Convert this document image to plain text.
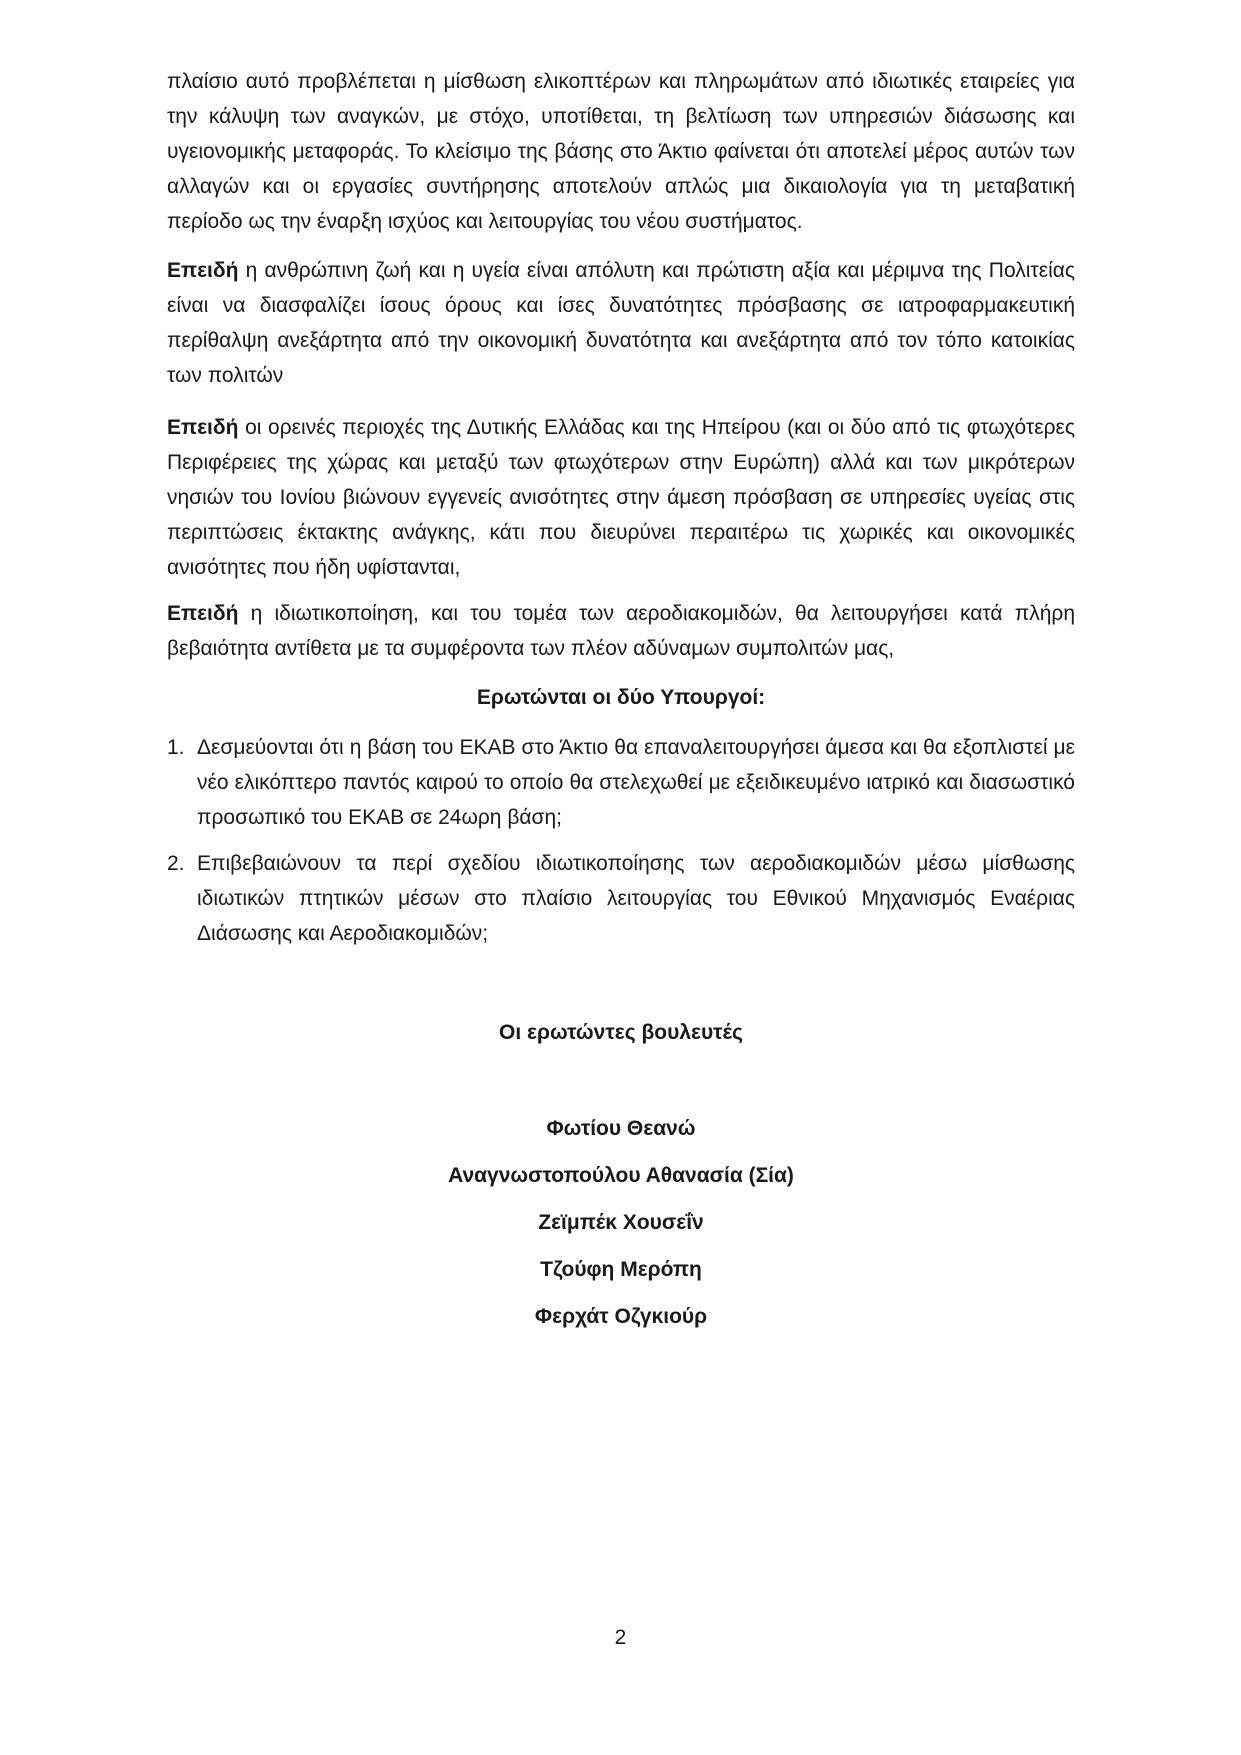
πλαίσιο αυτό προβλέπεται η μίσθωση ελικοπτέρων και πληρωμάτων από ιδιωτικές εταιρείες για την κάλυψη των αναγκών, με στόχο, υποτίθεται, τη βελτίωση των υπηρεσιών διάσωσης και υγειονομικής μεταφοράς. Το κλείσιμο της βάσης στο Άκτιο φαίνεται ότι αποτελεί μέρος αυτών των αλλαγών και οι εργασίες συντήρησης αποτελούν απλώς μια δικαιολογία για τη μεταβατική περίοδο ως την έναρξη ισχύος και λειτουργίας του νέου συστήματος.

Επειδή η ανθρώπινη ζωή και η υγεία είναι απόλυτη και πρώτιστη αξία και μέριμνα της Πολιτείας είναι να διασφαλίζει ίσους όρους και ίσες δυνατότητες πρόσβασης σε ιατροφαρμακευτική περίθαλψη ανεξάρτητα από την οικονομική δυνατότητα και ανεξάρτητα από τον τόπο κατοικίας των πολιτών

Επειδή οι ορεινές περιοχές της Δυτικής Ελλάδας και της Ηπείρου (και οι δύο από τις φτωχότερες Περιφέρειες της χώρας και μεταξύ των φτωχότερων στην Ευρώπη) αλλά και των μικρότερων νησιών του Ιονίου βιώνουν εγγενείς ανισότητες στην άμεση πρόσβαση σε υπηρεσίες υγείας στις περιπτώσεις έκτακτης ανάγκης, κάτι που διευρύνει περαιτέρω τις χωρικές και οικονομικές ανισότητες που ήδη υφίστανται,

Επειδή η ιδιωτικοποίηση, και του τομέα των αεροδιακομιδών, θα λειτουργήσει κατά πλήρη βεβαιότητα αντίθετα με τα συμφέροντα των πλέον αδύναμων συμπολιτών μας,

Ερωτώνται οι δύο Υπουργοί:

1. Δεσμεύονται ότι η βάση του ΕΚΑΒ στο Άκτιο θα επαναλειτουργήσει άμεσα και θα εξοπλιστεί με νέο ελικόπτερο παντός καιρού το οποίο θα στελεχωθεί με εξειδικευμένο ιατρικό και διασωστικό προσωπικό του ΕΚΑΒ σε 24ωρη βάση;
2. Επιβεβαιώνουν τα περί σχεδίου ιδιωτικοποίησης των αεροδιακομιδών μέσω μίσθωσης ιδιωτικών πτητικών μέσων στο πλαίσιο λειτουργίας του Εθνικού Μηχανισμός Εναέριας Διάσωσης και Αεροδιακομιδών;

Οι ερωτώντες βουλευτές

Φωτίου Θεανώ

Αναγνωστοπούλου Αθανασία (Σία)

Ζεϊμπέκ Χουσεΐν

Τζούφη Μερόπη

Φερχάτ Οζγκιούρ

2
